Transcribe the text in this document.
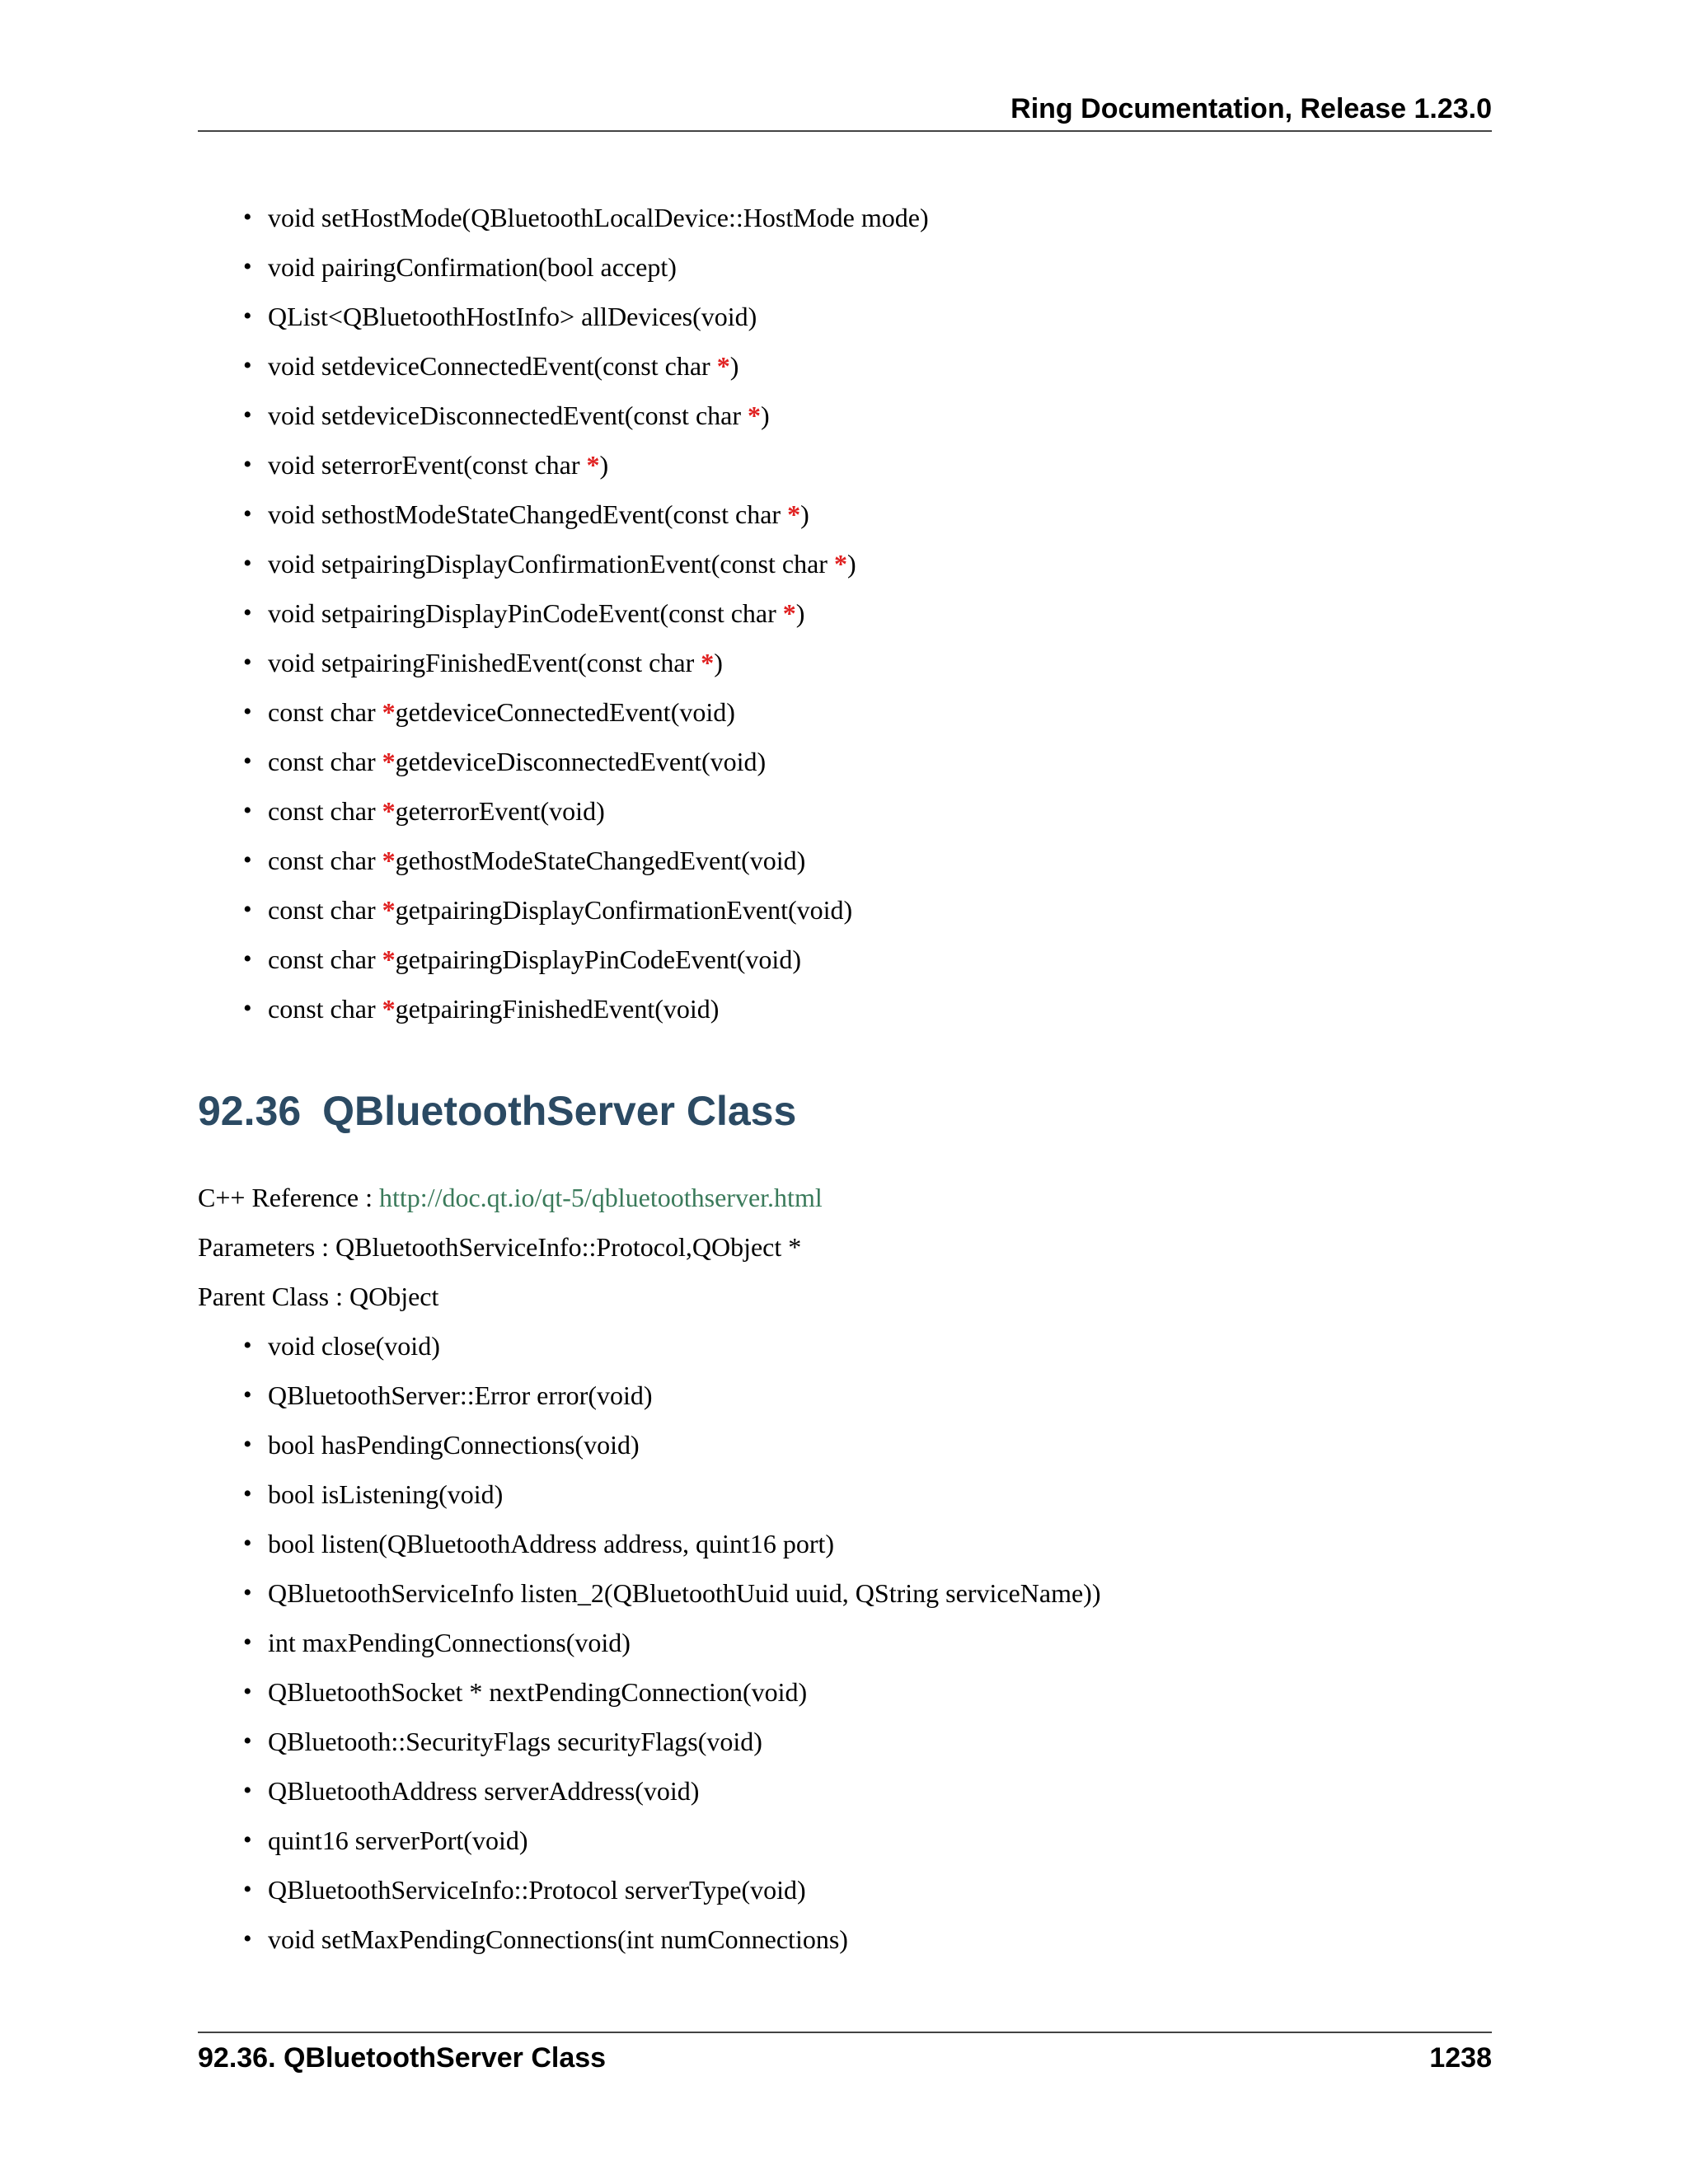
Ring Documentation, Release 1.23.0
• void setHostMode(QBluetoothLocalDevice::HostMode mode)
• void pairingConfirmation(bool accept)
• QList<QBluetoothHostInfo> allDevices(void)
• void setdeviceConnectedEvent(const char *)
• void setdeviceDisconnectedEvent(const char *)
• void seterrorEvent(const char *)
• void sethostModeStateChangedEvent(const char *)
• void setpairingDisplayConfirmationEvent(const char *)
• void setpairingDisplayPinCodeEvent(const char *)
• void setpairingFinishedEvent(const char *)
• const char *getdeviceConnectedEvent(void)
• const char *getdeviceDisconnectedEvent(void)
• const char *geterrorEvent(void)
• const char *gethostModeStateChangedEvent(void)
• const char *getpairingDisplayConfirmationEvent(void)
• const char *getpairingDisplayPinCodeEvent(void)
• const char *getpairingFinishedEvent(void)
92.36 QBluetoothServer Class
C++ Reference : http://doc.qt.io/qt-5/qbluetoothserver.html
Parameters : QBluetoothServiceInfo::Protocol,QObject *
Parent Class : QObject
• void close(void)
• QBluetoothServer::Error error(void)
• bool hasPendingConnections(void)
• bool isListening(void)
• bool listen(QBluetoothAddress address, quint16 port)
• QBluetoothServiceInfo listen_2(QBluetoothUuid uuid, QString serviceName))
• int maxPendingConnections(void)
• QBluetoothSocket * nextPendingConnection(void)
• QBluetooth::SecurityFlags securityFlags(void)
• QBluetoothAddress serverAddress(void)
• quint16 serverPort(void)
• QBluetoothServiceInfo::Protocol serverType(void)
• void setMaxPendingConnections(int numConnections)
92.36. QBluetoothServer Class	1238
